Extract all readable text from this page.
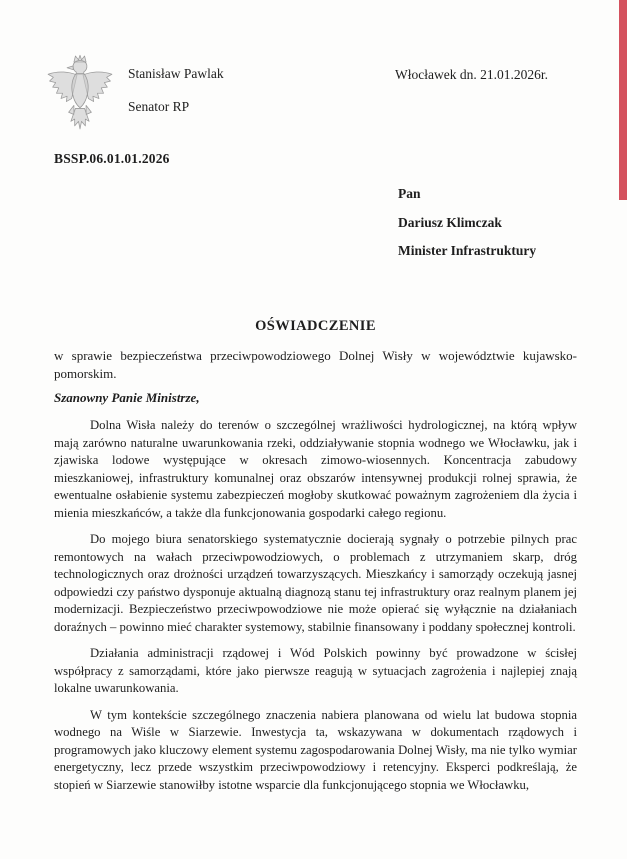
Stanisław Pawlak
Senator RP
Włocławek dn. 21.01.2026r.
BSSP.06.01.01.2026
Pan
Dariusz Klimczak
Minister Infrastruktury
OŚWIADCZENIE
w sprawie bezpieczeństwa przeciwpowodziowego Dolnej Wisły w województwie kujawsko-pomorskim.
Szanowny Panie Ministrze,

Dolna Wisła należy do terenów o szczególnej wrażliwości hydrologicznej, na którą wpływ mają zarówno naturalne uwarunkowania rzeki, oddziaływanie stopnia wodnego we Włocławku, jak i zjawiska lodowe występujące w okresach zimowo-wiosennych. Koncentracja zabudowy mieszkaniowej, infrastruktury komunalnej oraz obszarów intensywnej produkcji rolnej sprawia, że ewentualne osłabienie systemu zabezpieczeń mogłoby skutkować poważnym zagrożeniem dla życia i mienia mieszkańców, a także dla funkcjonowania gospodarki całego regionu.

Do mojego biura senatorskiego systematycznie docierają sygnały o potrzebie pilnych prac remontowych na wałach przeciwpowodziowych, o problemach z utrzymaniem skarp, dróg technologicznych oraz drożności urządzeń towarzyszących. Mieszkańcy i samorządy oczekują jasnej odpowiedzi czy państwo dysponuje aktualną diagnozą stanu tej infrastruktury oraz realnym planem jej modernizacji. Bezpieczeństwo przeciwpowodziowe nie może opierać się wyłącznie na działaniach doraźnych – powinno mieć charakter systemowy, stabilnie finansowany i poddany społecznej kontroli.

Działania administracji rządowej i Wód Polskich powinny być prowadzone w ścisłej współpracy z samorządami, które jako pierwsze reagują w sytuacjach zagrożenia i najlepiej znają lokalne uwarunkowania.

W tym kontekście szczególnego znaczenia nabiera planowana od wielu lat budowa stopnia wodnego na Wiśle w Siarzewie. Inwestycja ta, wskazywana w dokumentach rządowych i programowych jako kluczowy element systemu zagospodarowania Dolnej Wisły, ma nie tylko wymiar energetyczny, lecz przede wszystkim przeciwpowodziowy i retencyjny. Eksperci podkreślają, że stopień w Siarzewie stanowiłby istotne wsparcie dla funkcjonującego stopnia we Włocławku,
